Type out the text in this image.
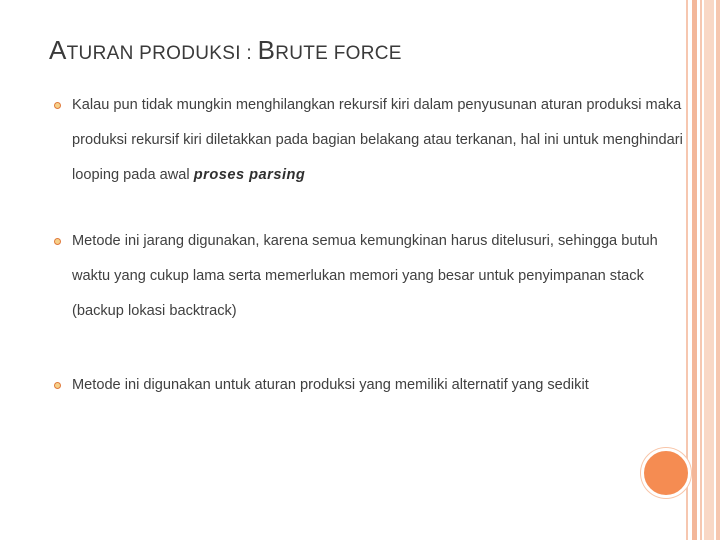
ATURAN PRODUKSI : BRUTE FORCE
Kalau pun tidak mungkin menghilangkan rekursif kiri dalam penyusunan aturan produksi maka produksi rekursif kiri diletakkan pada bagian belakang atau terkanan, hal ini untuk menghindari looping pada awal proses parsing
Metode ini jarang digunakan, karena semua kemungkinan harus ditelusuri, sehingga butuh waktu yang cukup lama serta memerlukan memori yang besar untuk penyimpanan stack (backup lokasi backtrack)
Metode ini digunakan untuk aturan produksi yang memiliki alternatif yang sedikit
